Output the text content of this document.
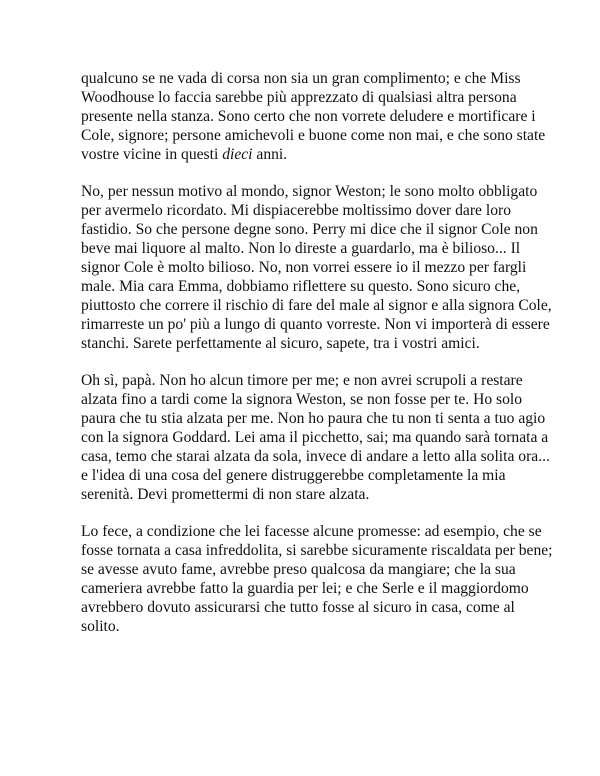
qualcuno se ne vada di corsa non sia un gran complimento; e che Miss
Woodhouse lo faccia sarebbe più apprezzato di qualsiasi altra persona
presente nella stanza. Sono certo che non vorrete deludere e mortificare i
Cole, signore; persone amichevoli e buone come non mai, e che sono state
vostre vicine in questi dieci anni.

No, per nessun motivo al mondo, signor Weston; le sono molto obbligato
per avermelo ricordato. Mi dispiacerebbe moltissimo dover dare loro
fastidio. So che persone degne sono. Perry mi dice che il signor Cole non
beve mai liquore al malto. Non lo direste a guardarlo, ma è bilioso... Il
signor Cole è molto bilioso. No, non vorrei essere io il mezzo per fargli
male. Mia cara Emma, dobbiamo riflettere su questo. Sono sicuro che,
piuttosto che correre il rischio di fare del male al signor e alla signora Cole,
rimarreste un po' più a lungo di quanto vorreste. Non vi importerà di essere
stanchi. Sarete perfettamente al sicuro, sapete, tra i vostri amici.

Oh sì, papà. Non ho alcun timore per me; e non avrei scrupoli a restare
alzata fino a tardi come la signora Weston, se non fosse per te. Ho solo
paura che tu stia alzata per me. Non ho paura che tu non ti senta a tuo agio
con la signora Goddard. Lei ama il picchetto, sai; ma quando sarà tornata a
casa, temo che starai alzata da sola, invece di andare a letto alla solita ora...
e l'idea di una cosa del genere distruggerebbe completamente la mia
serenità. Devi promettermi di non stare alzata.

Lo fece, a condizione che lei facesse alcune promesse: ad esempio, che se
fosse tornata a casa infreddolita, si sarebbe sicuramente riscaldata per bene;
se avesse avuto fame, avrebbe preso qualcosa da mangiare; che la sua
cameriera avrebbe fatto la guardia per lei; e che Serle e il maggiordomo
avrebbero dovuto assicurarsi che tutto fosse al sicuro in casa, come al
solito.
